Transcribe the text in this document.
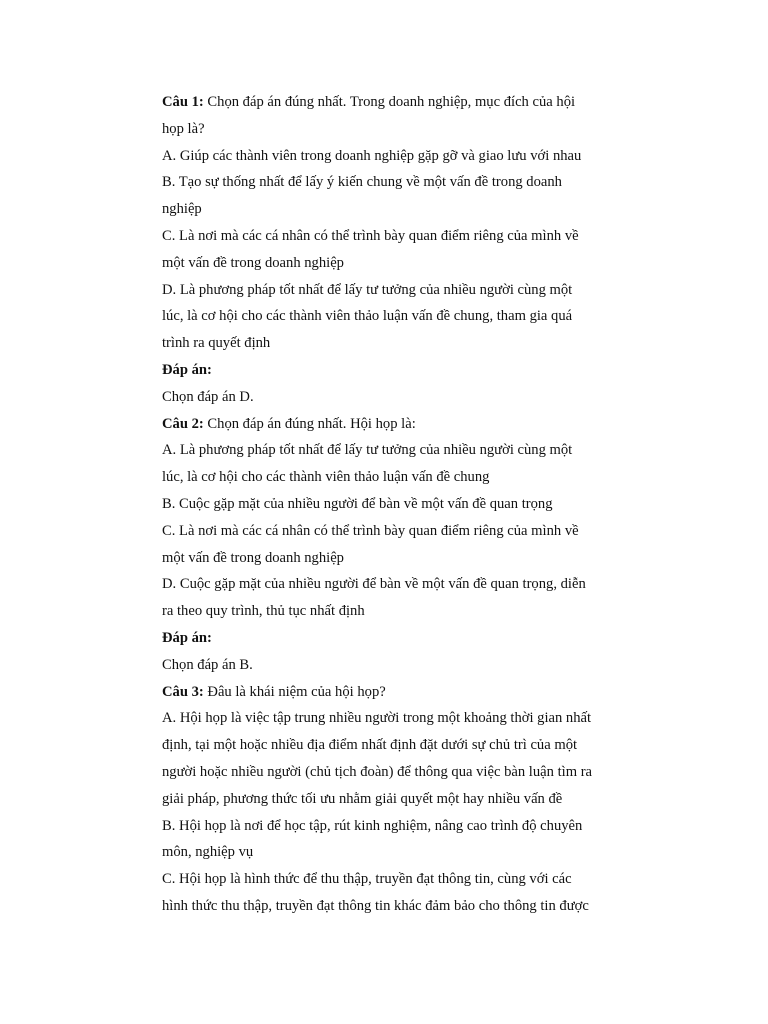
Câu 1: Chọn đáp án đúng nhất. Trong doanh nghiệp, mục đích của hội

họp là?

A. Giúp các thành viên trong doanh nghiệp gặp gỡ và giao lưu với nhau

B. Tạo sự thống nhất để lấy ý kiến chung về một vấn đề trong doanh

nghiệp

C. Là nơi mà các cá nhân có thể trình bày quan điểm riêng của mình về

một vấn đề trong doanh nghiệp

D. Là phương pháp tốt nhất để lấy tư tưởng của nhiều người cùng một

lúc, là cơ hội cho các thành viên thảo luận vấn đề chung, tham gia quá

trình ra quyết định

Đáp án:

Chọn đáp án D.

Câu 2: Chọn đáp án đúng nhất. Hội họp là:

A. Là phương pháp tốt nhất để lấy tư tưởng của nhiều người cùng một

lúc, là cơ hội cho các thành viên thảo luận vấn đề chung

B. Cuộc gặp mặt của nhiều người để bàn về một vấn đề quan trọng

C. Là nơi mà các cá nhân có thể trình bày quan điểm riêng của mình về

một vấn đề trong doanh nghiệp

D. Cuộc gặp mặt của nhiều người để bàn về một vấn đề quan trọng, diễn

ra theo quy trình, thủ tục nhất định

Đáp án:

Chọn đáp án B.

Câu 3: Đâu là khái niệm của hội họp?

A. Hội họp là việc tập trung nhiều người trong một khoảng thời gian nhất

định, tại một hoặc nhiều địa điểm nhất định đặt dưới sự chủ trì của một

người hoặc nhiều người (chủ tịch đoàn) để thông qua việc bàn luận tìm ra

giải pháp, phương thức tối ưu nhằm giải quyết một hay nhiều vấn đề

B. Hội họp là nơi để học tập, rút kinh nghiệm, nâng cao trình độ chuyên

môn, nghiệp vụ

C. Hội họp là hình thức để thu thập, truyền đạt thông tin, cùng với các

hình thức thu thập, truyền đạt thông tin khác đảm bảo cho thông tin được
